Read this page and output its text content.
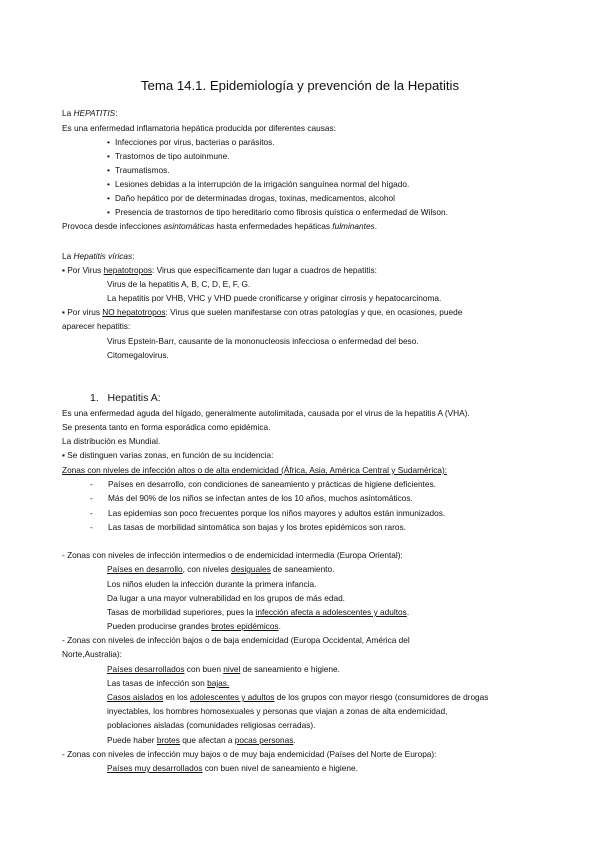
Tema 14.1. Epidemiología y prevención de la Hepatitis
La HEPATITIS:
Es una enfermedad inflamatoria hepática producida por diferentes causas:
• Infecciones por virus, bacterias o parásitos.
• Trastornos de tipo autoinmune.
• Traumatismos.
• Lesiones debidas a la interrupción de la irrigación sanguínea normal del hígado.
• Daño hepático por de determinadas drogas, toxinas, medicamentos, alcohol
• Presencia de trastornos de tipo hereditario como fibrosis quística o enfermedad de Wilson.
Provoca desde infecciones asintomáticas hasta enfermedades hepáticas fulminantes.
La Hepatitis víricas:
▪ Por Virus hepatotropos: Virus que específicamente dan lugar a cuadros de hepatitis:
Virus de la hepatitis A, B, C, D, E, F, G.
La hepatitis por VHB, VHC y VHD puede cronificarse y originar cirrosis y hepatocarcinoma.
▪ Por virus NO hepatotropos: Virus que suelen manifestarse con otras patologías y que, en ocasiones, puede
aparecer hepatitis:
Virus Epstein-Barr, causante de la mononucleosis infecciosa o enfermedad del beso.
Citomegalovirus.
1. Hepatitis A:
Es una enfermedad aguda del hígado, generalmente autolimitada, causada por el virus de la hepatitis A (VHA).
Se presenta tanto en forma esporádica como epidémica.
La distribución es Mundial.
▪ Se distinguen varias zonas, en función de su incidencia:
Zonas con niveles de infección altos o de alta endemicidad (África, Asia, América Central y Sudamérica):
- Países en desarrollo, con condiciones de saneamiento y prácticas de higiene deficientes.
- Más del 90% de los niños se infectan antes de los 10 años, muchos asintomáticos.
- Las epidemias son poco frecuentes porque los niños mayores y adultos están inmunizados.
- Las tasas de morbilidad sintomática son bajas y los brotes epidémicos son raros.
- Zonas con niveles de infección intermedios o de endemicidad intermedia (Europa Oriental):
Países en desarrollo, con niveles desiguales de saneamiento.
Los niños eluden la infección durante la primera infancia.
Da lugar a una mayor vulnerabilidad en los grupos de más edad.
Tasas de morbilidad superiores, pues la infección afecta a adolescentes y adultos.
Pueden producirse grandes brotes epidémicos.
- Zonas con niveles de infección bajos o de baja endemicidad (Europa Occidental, América del
Norte,Australia):
Países desarrollados con buen nivel de saneamiento e higiene.
Las tasas de infección son bajas.
Casos aislados en los adolescentes y adultos de los grupos con mayor riesgo (consumidores de drogas
inyectables, los hombres homosexuales y personas que viajan a zonas de alta endemicidad,
poblaciones aisladas (comunidades religiosas cerradas).
Puede haber brotes que afectan a pocas personas.
- Zonas con niveles de infección muy bajos o de muy baja endemicidad (Países del Norte de Europa):
Países muy desarrollados con buen nivel de saneamiento e higiene.
